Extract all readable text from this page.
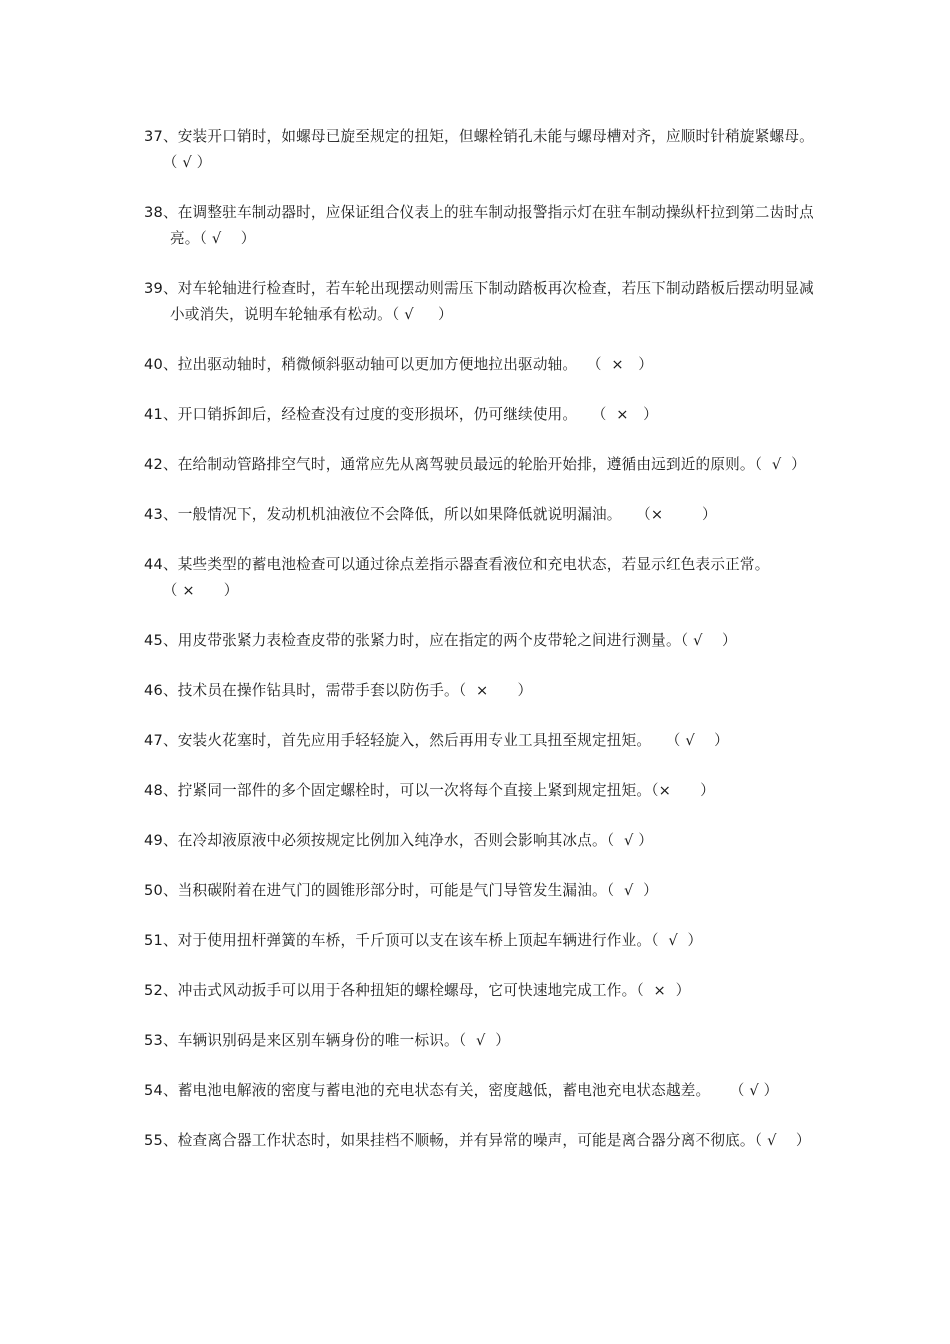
37、安装开口销时，如螺母已旋至规定的扭矩，但螺栓销孔未能与螺母槽对齐，应顺时针稍旋紧螺母。（ √ ）
38、在调整驻车制动器时，应保证组合仪表上的驻车制动报警指示灯在驻车制动操纵杆拉到第二齿时点亮。（ √    ）
39、对车轮轴进行检查时，若车轮出现摆动则需压下制动踏板再次检查，若压下制动踏板后摆动明显减小或消失，说明车轮轴承有松动。（ √     ）
40、拉出驱动轴时，稍微倾斜驱动轴可以更加方便地拉出驱动轴。  （  ×   ）
41、开口销拆卸后，经检查没有过度的变形损坏，仍可继续使用。   （  ×   ）
42、在给制动管路排空气时，通常应先从离驾驶员最远的轮胎开始排，遵循由远到近的原则。（  √  ）
43、一般情况下，发动机机油液位不会降低，所以如果降低就说明漏油。   （×        ）
44、某些类型的蓄电池检查可以通过徐点差指示器查看液位和充电状态，若显示红色表示正常。（ ×      ）
45、用皮带张紧力表检查皮带的张紧力时，应在指定的两个皮带轮之间进行测量。（ √    ）
46、技术员在操作钻具时，需带手套以防伤手。（  ×      ）
47、安装火花塞时，首先应用手轻轻旋入，然后再用专业工具扭至规定扭矩。   （ √    ）
48、拧紧同一部件的多个固定螺栓时，可以一次将每个直接上紧到规定扭矩。（×      ）
49、在冷却液原液中必须按规定比例加入纯净水，否则会影响其冰点。（  √ ）
50、当积碳附着在进气门的圆锥形部分时，可能是气门导管发生漏油。（  √  ）
51、对于使用扭杆弹簧的车桥，千斤顶可以支在该车桥上顶起车辆进行作业。（  √  ）
52、冲击式风动扳手可以用于各种扭矩的螺栓螺母，它可快速地完成工作。（  ×  ）
53、车辆识别码是来区别车辆身份的唯一标识。（  √  ）
54、蓄电池电解液的密度与蓄电池的充电状态有关，密度越低，蓄电池充电状态越差。    （ √ ）
55、检查离合器工作状态时，如果挂档不顺畅，并有异常的噪声，可能是离合器分离不彻底。（ √    ）
